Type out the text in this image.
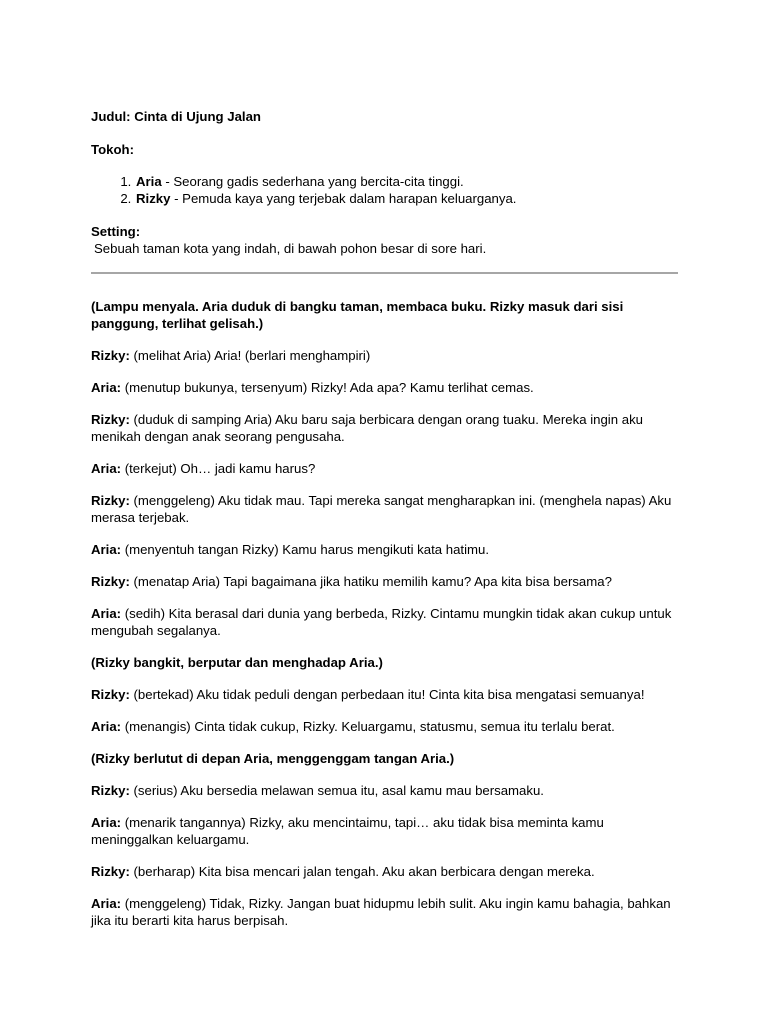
Judul: Cinta di Ujung Jalan

Tokoh:

1. Aria - Seorang gadis sederhana yang bercita-cita tinggi.
2. Rizky - Pemuda kaya yang terjebak dalam harapan keluarganya.

Setting:

Sebuah taman kota yang indah, di bawah pohon besar di sore hari.

(Lampu menyala. Aria duduk di bangku taman, membaca buku. Rizky masuk dari sisi panggung, terlihat gelisah.)

Rizky: (melihat Aria) Aria! (berlari menghampiri)

Aria: (menutup bukunya, tersenyum) Rizky! Ada apa? Kamu terlihat cemas.

Rizky: (duduk di samping Aria) Aku baru saja berbicara dengan orang tuaku. Mereka ingin aku menikah dengan anak seorang pengusaha.

Aria: (terkejut) Oh… jadi kamu harus?

Rizky: (menggeleng) Aku tidak mau. Tapi mereka sangat mengharapkan ini. (menghela napas) Aku merasa terjebak.

Aria: (menyentuh tangan Rizky) Kamu harus mengikuti kata hatimu.

Rizky: (menatap Aria) Tapi bagaimana jika hatiku memilih kamu? Apa kita bisa bersama?

Aria: (sedih) Kita berasal dari dunia yang berbeda, Rizky. Cintamu mungkin tidak akan cukup untuk mengubah segalanya.

(Rizky bangkit, berputar dan menghadap Aria.)

Rizky: (bertekad) Aku tidak peduli dengan perbedaan itu! Cinta kita bisa mengatasi semuanya!

Aria: (menangis) Cinta tidak cukup, Rizky. Keluargamu, statusmu, semua itu terlalu berat.

(Rizky berlutut di depan Aria, menggenggam tangan Aria.)

Rizky: (serius) Aku bersedia melawan semua itu, asal kamu mau bersamaku.

Aria: (menarik tangannya) Rizky, aku mencintaimu, tapi… aku tidak bisa meminta kamu meninggalkan keluargamu.

Rizky: (berharap) Kita bisa mencari jalan tengah. Aku akan berbicara dengan mereka.

Aria: (menggeleng) Tidak, Rizky. Jangan buat hidupmu lebih sulit. Aku ingin kamu bahagia, bahkan jika itu berarti kita harus berpisah.
